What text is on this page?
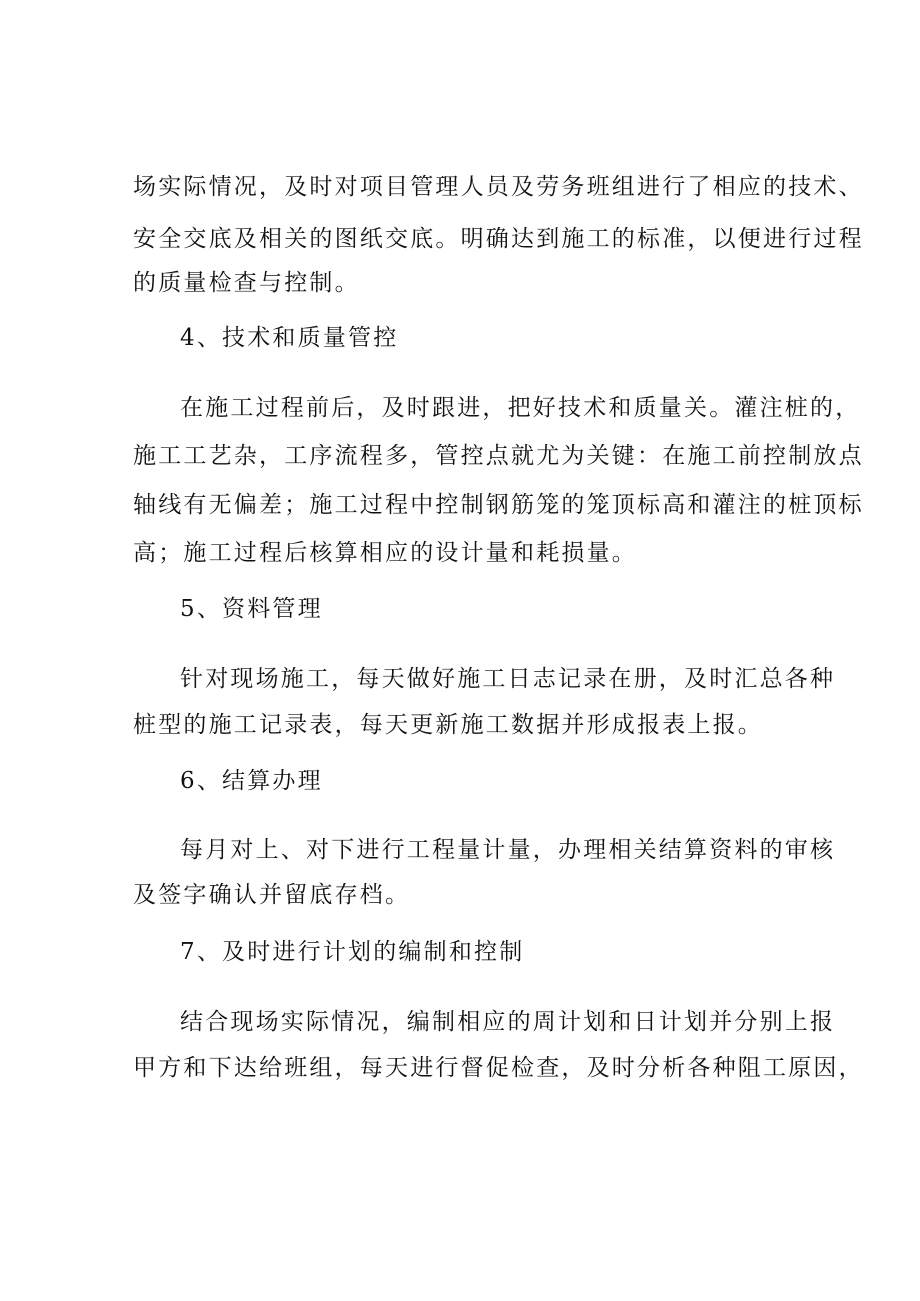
场实际情况，及时对项目管理人员及劳务班组进行了相应的技术、
安全交底及相关的图纸交底。明确达到施工的标准，以便进行过程
的质量检查与控制。
4、技术和质量管控
在施工过程前后，及时跟进，把好技术和质量关。灌注桩的，
施工工艺杂，工序流程多，管控点就尤为关键：在施工前控制放点
轴线有无偏差；施工过程中控制钢筋笼的笼顶标高和灌注的桩顶标
高；施工过程后核算相应的设计量和耗损量。
5、资料管理
针对现场施工，每天做好施工日志记录在册，及时汇总各种
桩型的施工记录表，每天更新施工数据并形成报表上报。
6、结算办理
每月对上、对下进行工程量计量，办理相关结算资料的审核
及签字确认并留底存档。
7、及时进行计划的编制和控制
结合现场实际情况，编制相应的周计划和日计划并分别上报
甲方和下达给班组，每天进行督促检查，及时分析各种阻工原因，
